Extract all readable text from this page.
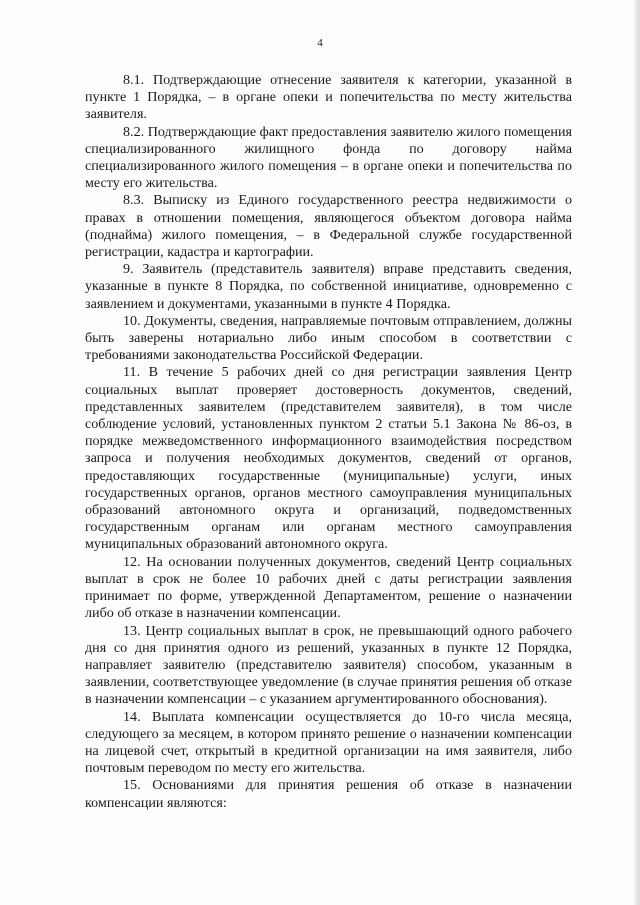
4

8.1. Подтверждающие отнесение заявителя к категории, указанной в пункте 1 Порядка, – в органе опеки и попечительства по месту жительства заявителя.

8.2. Подтверждающие факт предоставления заявителю жилого помещения специализированного жилищного фонда по договору найма специализированного жилого помещения – в органе опеки и попечительства по месту его жительства.

8.3. Выписку из Единого государственного реестра недвижимости о правах в отношении помещения, являющегося объектом договора найма (поднайма) жилого помещения, – в Федеральной службе государственной регистрации, кадастра и картографии.

9. Заявитель (представитель заявителя) вправе представить сведения, указанные в пункте 8 Порядка, по собственной инициативе, одновременно с заявлением и документами, указанными в пункте 4 Порядка.

10. Документы, сведения, направляемые почтовым отправлением, должны быть заверены нотариально либо иным способом в соответствии с требованиями законодательства Российской Федерации.

11. В течение 5 рабочих дней со дня регистрации заявления Центр социальных выплат проверяет достоверность документов, сведений, представленных заявителем (представителем заявителя), в том числе соблюдение условий, установленных пунктом 2 статьи 5.1 Закона № 86-оз, в порядке межведомственного информационного взаимодействия посредством запроса и получения необходимых документов, сведений от органов, предоставляющих государственные (муниципальные) услуги, иных государственных органов, органов местного самоуправления муниципальных образований автономного округа и организаций, подведомственных государственным органам или органам местного самоуправления муниципальных образований автономного округа.

12. На основании полученных документов, сведений Центр социальных выплат в срок не более 10 рабочих дней с даты регистрации заявления принимает по форме, утвержденной Департаментом, решение о назначении либо об отказе в назначении компенсации.

13. Центр социальных выплат в срок, не превышающий одного рабочего дня со дня принятия одного из решений, указанных в пункте 12 Порядка, направляет заявителю (представителю заявителя) способом, указанным в заявлении, соответствующее уведомление (в случае принятия решения об отказе в назначении компенсации – с указанием аргументированного обоснования).

14. Выплата компенсации осуществляется до 10-го числа месяца, следующего за месяцем, в котором принято решение о назначении компенсации на лицевой счет, открытый в кредитной организации на имя заявителя, либо почтовым переводом по месту его жительства.

15. Основаниями для принятия решения об отказе в назначении компенсации являются:
